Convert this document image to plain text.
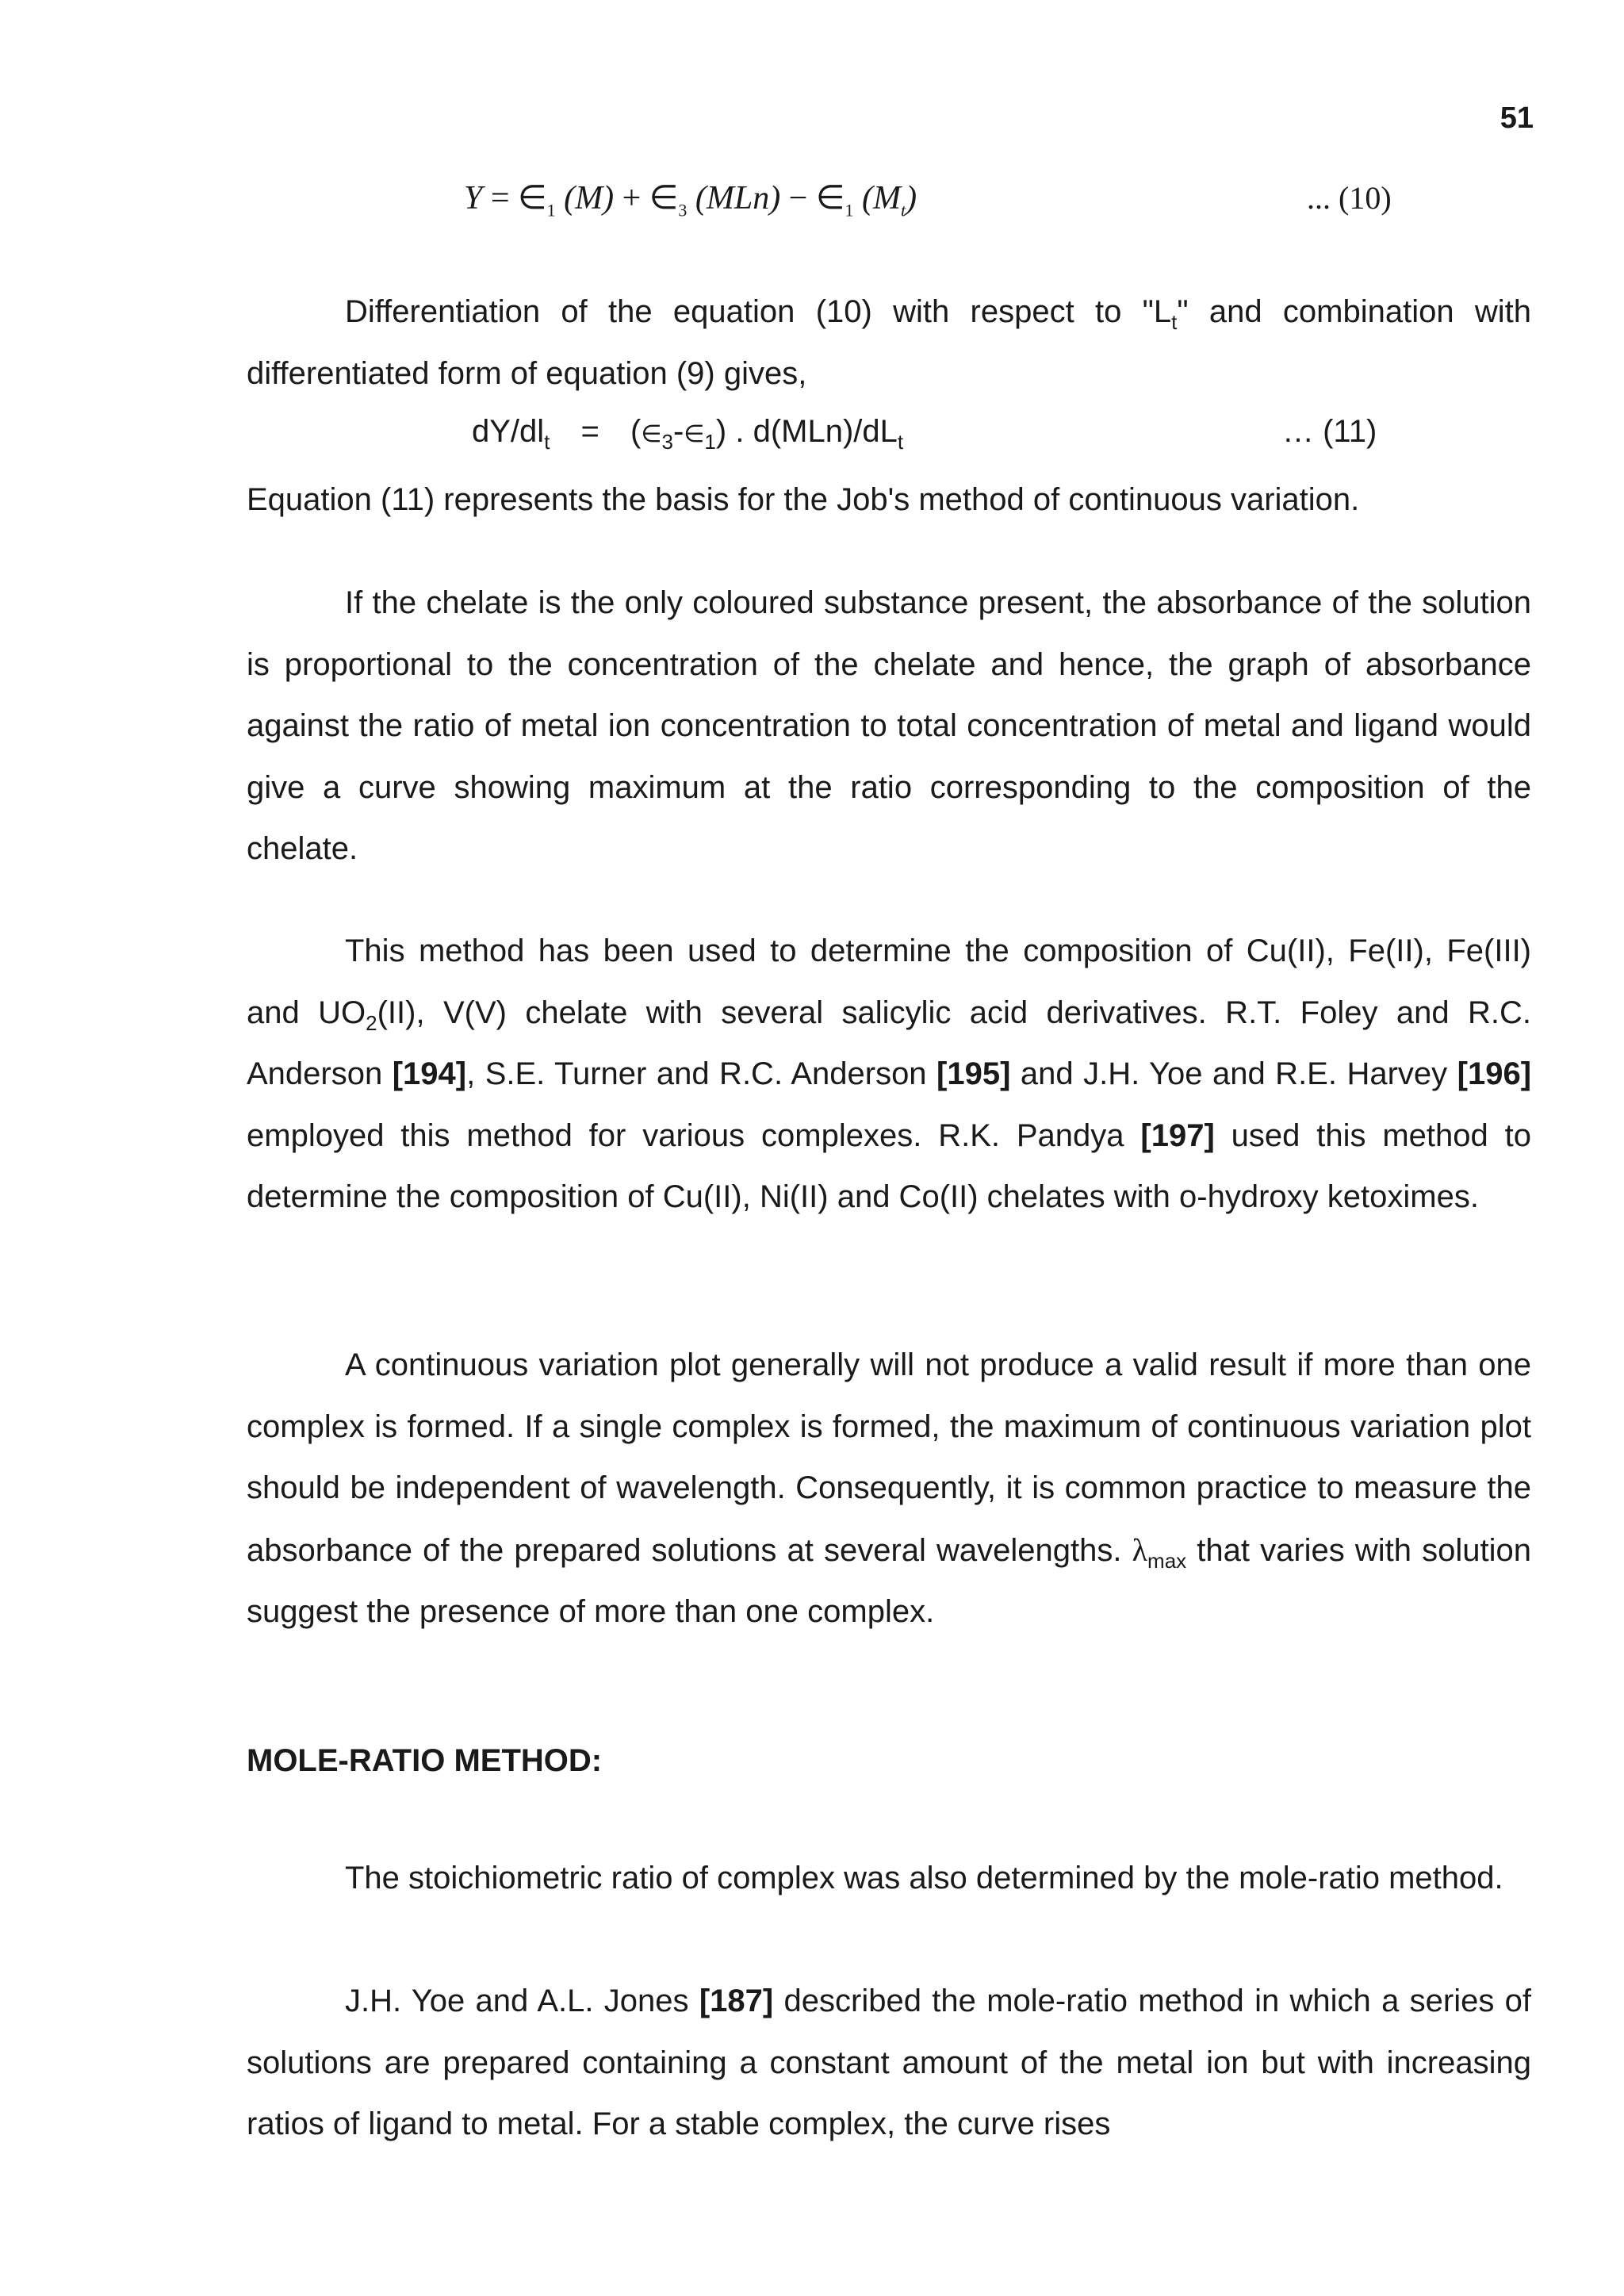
51
$Y = \in_1$ $(M) + \in_3$ $(MLn) - \in_1$ $(M_t)$	... (10)

Differentiation of the equation (10) with respect to "$L_t$" and combination with differentiated form of equation (9) gives,

$dY/dl_t$ = $(\in_3-\in_1)$ . $d(MLn)/dL_t$	… (11)

Equation (11) represents the basis for the Job's method of continuous variation.

If the chelate is the only coloured substance present, the absorbance of the solution is proportional to the concentration of the chelate and hence, the graph of absorbance against the ratio of metal ion concentration to total concentration of metal and ligand would give a curve showing maximum at the ratio corresponding to the composition of the chelate.

This method has been used to determine the composition of Cu(II), Fe(II), Fe(III) and $UO_2(II)$, V(V) chelate with several salicylic acid derivatives. R.T. Foley and R.C. Anderson [194], S.E. Turner and R.C. Anderson [195] and J.H. Yoe and R.E. Harvey [196] employed this method for various complexes. R.K. Pandya [197] used this method to determine the composition of Cu(II), Ni(II) and Co(II) chelates with o-hydroxy ketoximes.

A continuous variation plot generally will not produce a valid result if more than one complex is formed. If a single complex is formed, the maximum of continuous variation plot should be independent of wavelength. Consequently, it is common practice to measure the absorbance of the prepared solutions at several wavelengths. $\lambda_{max}$ that varies with solution suggest the presence of more than one complex.

MOLE-RATIO METHOD:

The stoichiometric ratio of complex was also determined by the mole-ratio method.

J.H. Yoe and A.L. Jones [187] described the mole-ratio method in which a series of solutions are prepared containing a constant amount of the metal ion but with increasing ratios of ligand to metal. For a stable complex, the curve rises
